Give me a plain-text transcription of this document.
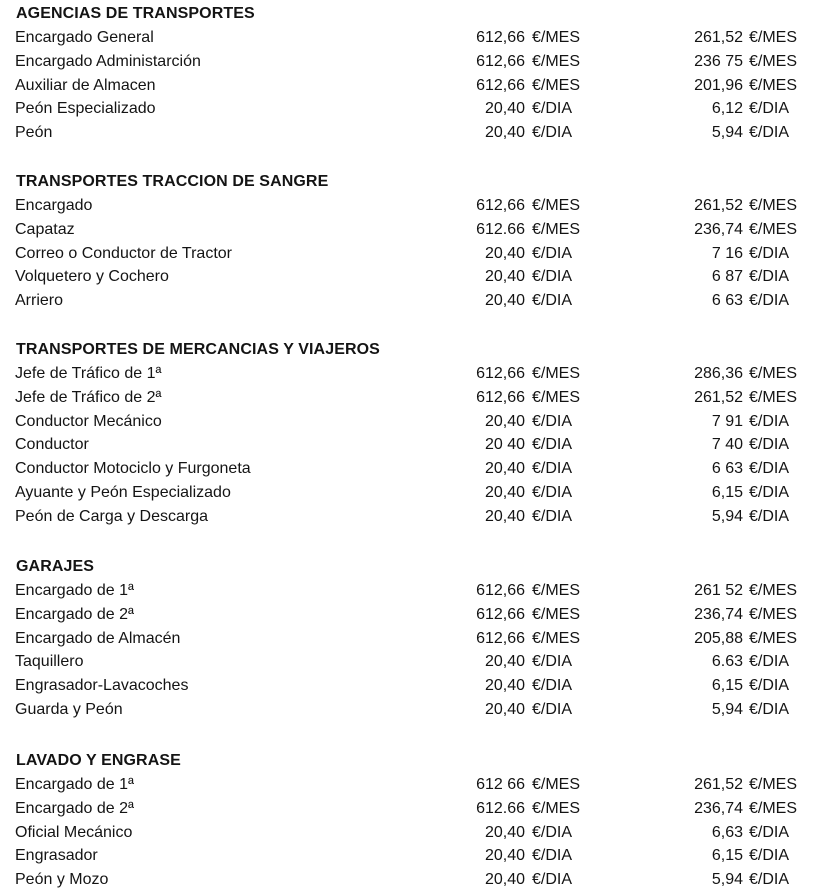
AGENCIAS DE TRANSPORTES
Encargado General	612,66 €/MES	261,52 €/MES
Encargado Administarción	612,66 €/MES	236 75 €/MES
Auxiliar de Almacen	612,66 €/MES	201,96 €/MES
Peón Especializado	20,40 €/DIA	6,12 €/DIA
Peón	20,40 €/DIA	5,94 €/DIA
TRANSPORTES TRACCION DE SANGRE
Encargado	612,66 €/MES	261,52 €/MES
Capataz	612.66 €/MES	236,74 €/MES
Correo o Conductor de Tractor	20,40 €/DIA	7 16 €/DIA
Volquetero y Cochero	20,40 €/DIA	6 87 €/DIA
Arriero	20,40 €/DIA	6 63 €/DIA
TRANSPORTES DE MERCANCIAS Y VIAJEROS
Jefe de Tráfico de 1ª	612,66 €/MES	286,36 €/MES
Jefe de Tráfico de 2ª	612,66 €/MES	261,52 €/MES
Conductor Mecánico	20,40 €/DIA	7 91 €/DIA
Conductor	20 40 €/DIA	7 40 €/DIA
Conductor Motociclo y Furgoneta	20,40 €/DIA	6 63 €/DIA
Ayuante y Peón Especializado	20,40 €/DIA	6,15 €/DIA
Peón de Carga y Descarga	20,40 €/DIA	5,94 €/DIA
GARAJES
Encargado de 1ª	612,66 €/MES	261 52 €/MES
Encargado de 2ª	612,66 €/MES	236,74 €/MES
Encargado de Almacén	612,66 €/MES	205,88 €/MES
Taquillero	20,40 €/DIA	6.63 €/DIA
Engrasador-Lavacoches	20,40 €/DIA	6,15 €/DIA
Guarda y Peón	20,40 €/DIA	5,94 €/DIA
LAVADO Y ENGRASE
Encargado de 1ª	612 66 €/MES	261,52 €/MES
Encargado de 2ª	612.66 €/MES	236,74 €/MES
Oficial Mecánico	20,40 €/DIA	6,63 €/DIA
Engrasador	20,40 €/DIA	6,15 €/DIA
Peón y Mozo	20,40 €/DIA	5,94 €/DIA
